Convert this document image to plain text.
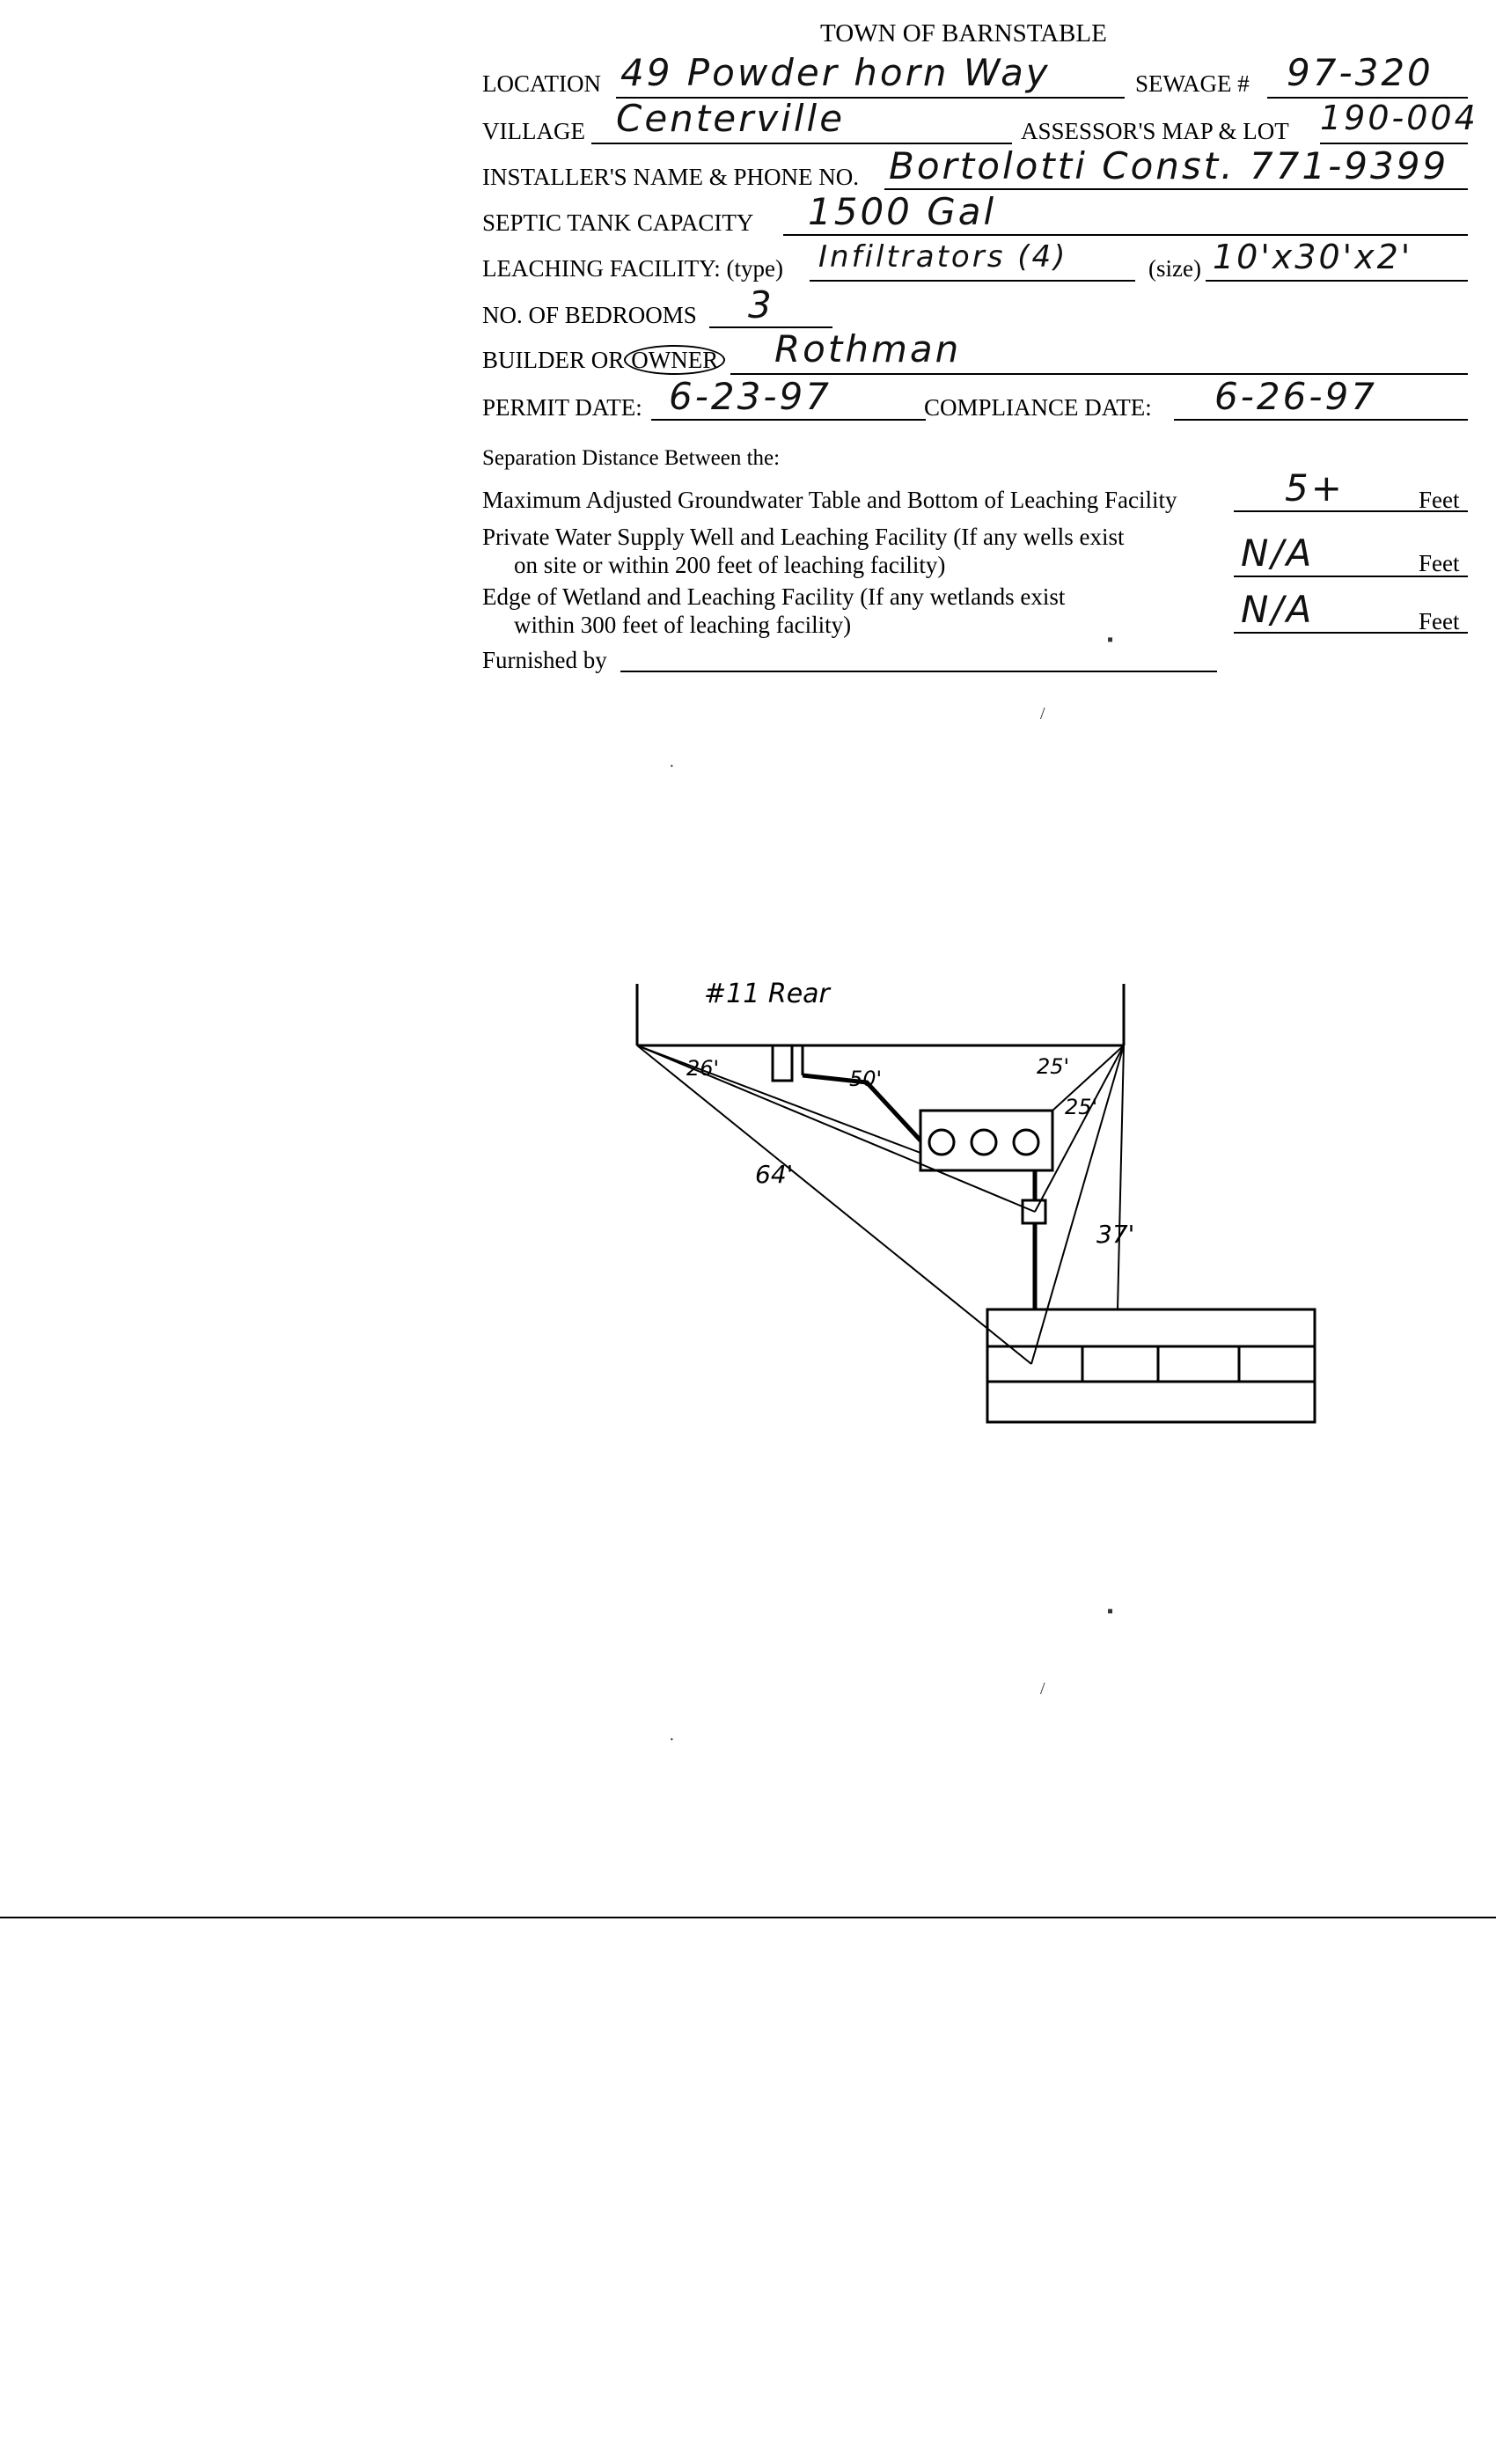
TOWN OF BARNSTABLE
LOCATION 49 Powder horn Way	SEWAGE # 97-320
VILLAGE Centerville	ASSESSOR'S MAP & LOT 190-004
INSTALLER'S NAME & PHONE NO. Bortolotti Const. 771-9399
SEPTIC TANK CAPACITY 1500 Gal
LEACHING FACILITY: (type) Infiltrators (4)	(size) 10'x30'x2'
NO. OF BEDROOMS 3
BUILDER OR OWNER Rothman
PERMIT DATE: 6-23-97	COMPLIANCE DATE: 6-26-97
Separation Distance Between the:
Maximum Adjusted Groundwater Table and Bottom of Leaching Facility	5+	Feet
Private Water Supply Well and Leaching Facility (If any wells exist
on site or within 200 feet of leaching facility)	N/A	Feet
Edge of Wetland and Leaching Facility (If any wetlands exist
within 300 feet of leaching facility)	N/A	Feet
Furnished by
#11 Rear
26'	50'	25'
25'
64'
37'
▪
/
·
▪
/
·
